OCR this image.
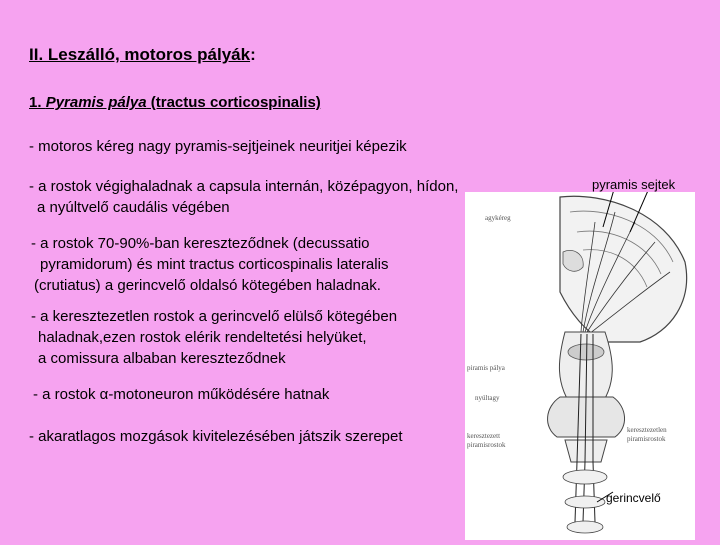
II. Leszálló, motoros pályák:
1. Pyramis pálya (tractus corticospinalis)
- motoros kéreg nagy pyramis-sejtjeinek neuritjei képezik
- a rostok végighaladnak a capsula internán, középagyon, hídon,
a nyúltvelő caudális végében
- a rostok 70-90%-ban kereszteződnek (decussatio
pyramidorum) és mint tractus corticospinalis lateralis
(crutiatus) a gerincvelő oldalsó kötegében haladnak.
- a keresztezetlen rostok a gerincvelő elülső kötegében
haladnak,ezen rostok elérik rendeltetési helyüket,
a comissura albaban kereszteződnek
- a rostok α-motoneuron működésére hatnak
- akaratlagos mozgások kivitelezésében játszik szerepet
agykéreg
piramis pálya
nyúltagy
keresztezett
piramisrostok
keresztezetlen
piramisrostok
pyramis sejtek
gerincvelő
